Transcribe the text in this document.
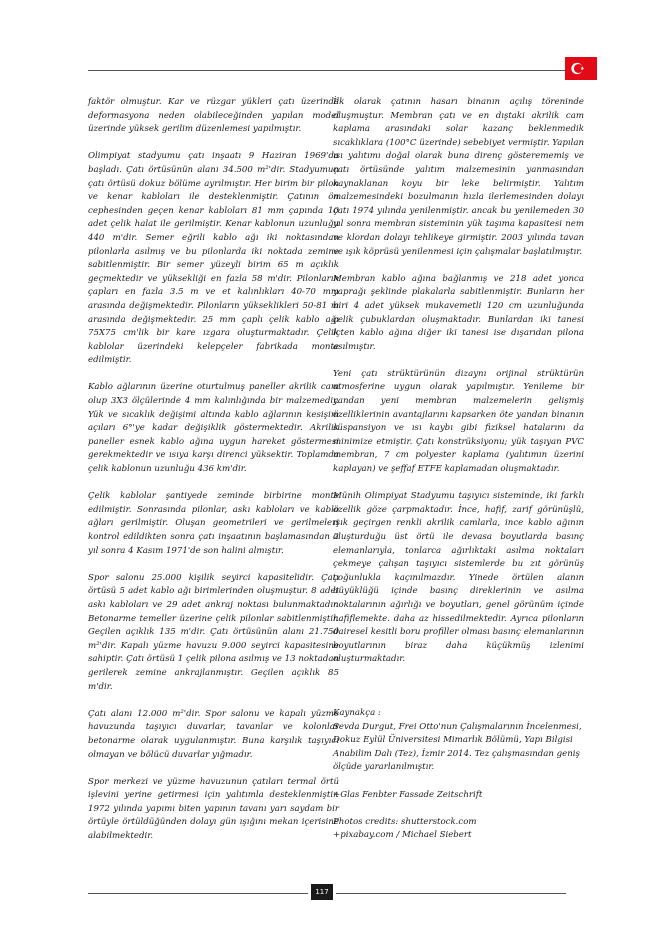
faktör olmuştur. Kar ve rüzgar yükleri çatı üzerinde deformasyona neden olabileceğinden yapılan model üzerinde yüksek gerilim düzenlemesi yapılmıştır.

Olimpiyat stadyumu çatı inşaatı 9 Haziran 1969'da başladı. Çatı örtüsünün alanı 34.500 m²'dir. Stadyumun çatı örtüsü dokuz bölüme ayrılmıştır. Her birim bir pilon ve kenar kabloları ile desteklenmiştir. Çatının ön cephesinden geçen kenar kabloları 81 mm çapında 10 adet çelik halat ile gerilmiştir. Kenar kablonun uzunluğu 440 m'dir. Semer eğrili kablo ağı iki noktasından pilonlarla asılmış ve bu pilonlarda iki noktada zemine sabitlenmiştir. Bir semer yüzeyli birim 65 m açıklık geçmektedir ve yüksekliği en fazla 58 m'dir. Pilonların çapları en fazla 3.5 m ve et kalınlıkları 40-70 mm arasında değişmektedir. Pilonların yükseklikleri 50-81 m arasında değişmektedir. 25 mm çaplı çelik kablo ağı 75X75 cm'lik bir kare ızgara oluşturmaktadır. Çelik kablolar üzerindeki kelepçeler fabrikada monte edilmiştir.

Kablo ağlarının üzerine oturtulmuş paneller akrilik cam olup 3X3 ölçülerinde 4 mm kalınlığında bir malzemedir. Yük ve sıcaklık değişimi altında kablo ağlarının kesişim açıları 6°'ye kadar değişiklik göstermektedir. Akrilik paneller esnek kablo ağına uygun hareket göstermesi gerekmektedir ve ısıya karşı direnci yüksektir. Toplamda çelik kablonun uzunluğu 436 km'dir.

Çelik kablolar şantiyede zeminde birbirine monte edilmiştir. Sonrasında pilonlar, askı kabloları ve kablo ağları gerilmiştir. Oluşan geometrileri ve gerilmeleri kontrol edildikten sonra çatı inşaatının başlamasından 2 yıl sonra 4 Kasım 1971'de son halini almıştır.

Spor salonu 25.000 kişilik seyirci kapasitelidir. Çatı örtüsü 5 adet kablo ağı birimlerinden oluşmuştur. 8 adet askı kabloları ve 29 adet ankraj noktası bulunmaktadır. Betonarme temeller üzerine çelik pilonlar sabitlenmiştir. Geçilen açıklık 135 m'dir. Çatı örtüsünün alanı 21.750 m²'dir. Kapalı yüzme havuzu 9.000 seyirci kapasitesine sahiptir. Çatı örtüsü 1 çelik pilona asılmış ve 13 noktadan gerilerek zemine ankrajlanmıştır. Geçilen açıklık 85 m'dir.

Çatı alanı 12.000 m²'dir. Spor salonu ve kapalı yüzme havuzunda taşıyıcı duvarlar, tavanlar ve kolonlar betonarme olarak uygulanmıştır. Buna karşılık taşıyıcı olmayan ve bölücü duvarlar yığmadır.

Spor merkezi ve yüzme havuzunun çatıları termal örtü işlevini yerine getirmesi için yalıtımla desteklenmiştir. 1972 yılında yapımı biten yapının tavanı yarı saydam bir örtüyle örtüldüğünden dolayı gün ışığını mekan içerisine alabilmektedir.

İlk olarak çatının hasarı binanın açılış töreninde oluşmuştur. Membran çatı ve en dıştaki akrilik cam kaplama arasındaki solar kazanç beklenmedik sıcaklıklara (100°C üzerinde) sebebiyet vermiştir. Yapılan ısı yalıtımı doğal olarak buna direnç gösterememiş ve çatı örtüsünde yalıtım malzemesinin yanmasından kaynaklanan koyu bir leke belirmiştir. Yalıtım malzemesindeki bozulmanın hızla ilerlemesinden dolayı çatı 1974 yılında yenilenmiştir. ancak bu yenilemeden 30 yıl sonra membran sisteminin yük taşıma kapasitesi nem ve klordan dolayı tehlikeye girmiştir. 2003 yılında tavan ve ışık köprüsü yenilenmesi için çalışmalar başlatılmıştır.

Membran kablo ağına bağlanmış ve 218 adet yonca yaprağı şeklinde plakalarla sabitlenmiştir. Bunların her biri 4 adet yüksek mukavemetli 120 cm uzunluğunda çelik çubuklardan oluşmaktadır. Bunlardan iki tanesi içten kablo ağına diğer iki tanesi ise dışarıdan pilona asılmıştır.

Yeni çatı strüktürünün dizaynı orijinal strüktürün atmosferine uygun olarak yapılmıştır. Yenileme bir yandan yeni membran malzemelerin gelişmiş özelliklerinin avantajlarını kapsarken öte yandan binanın süspansiyon ve ısı kaybı gibi fiziksel hatalarını da minimize etmiştir. Çatı konstrüksiyonu; yük taşıyan PVC membran, 7 cm polyester kaplama (yalıtımın üzerini kaplayan) ve şeffaf ETFE kaplamadan oluşmaktadır.

Münih Olimpiyat Stadyumu taşıyıcı sisteminde, iki farklı özellik göze çarpmaktadır. İnce, hafif, zarif görünüşlü, ışık geçirgen renkli akrilik camlarla, ince kablo ağının oluşturduğu üst örtü ile devasa boyutlarda basınç elemanlarıyla, tonlarca ağırlıktaki asılma noktaları çekmeye çalışan taşıyıcı sistemlerde bu zıt görünüş çoğunlukla kaçınılmazdır. Yinede örtülen alanın büyüklüğü içinde basınç direklerinin ve asılma noktalarının ağırlığı ve boyutları, genel görünüm içinde hafiflemekte. daha az hissedilmektedir. Ayrıca pilonların dairesel kesitli boru profiller olması basınç elemanlarının boyutlarının biraz daha küçükmüş izlenimi oluşturmaktadır.

Kaynakça :

Sevda Durgut, Frei Otto'nun Çalışmalarının İncelenmesi, Dokuz Eylül Üniversitesi Mimarlık Bölümü, Yapı Bilgisi Anabilim Dalı (Tez), İzmir 2014. Tez çalışmasından geniş ölçüde yararlanılmıştır.

+Glas Fenbter Fassade Zeitschrift

Photos credits: shutterstock.com

+pixabay.com / Michael Siebert

117
